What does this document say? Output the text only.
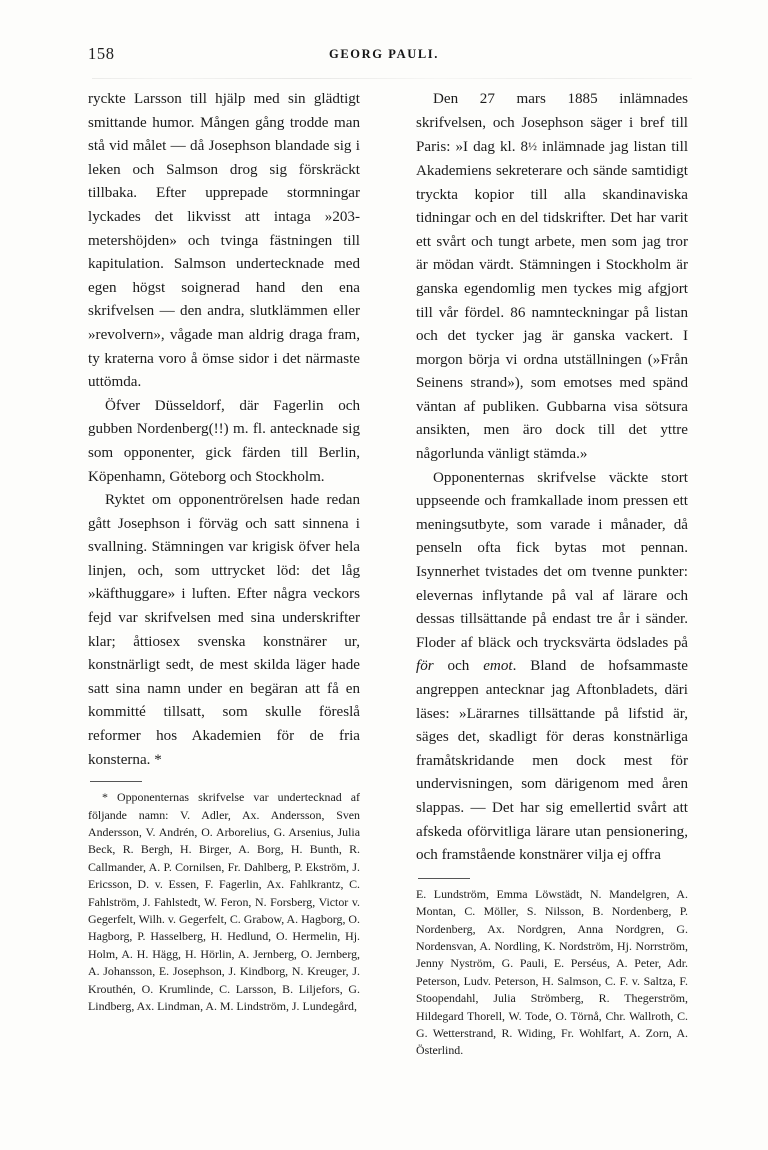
158	GEORG PAULI.

ryckte Larsson till hjälp med sin glädtigt smittande humor. Mången gång trodde man stå vid målet — då Josephson blandade sig i leken och Salmson drog sig förskräckt tillbaka. Efter upprepade stormningar lyckades det likvisst att intaga »203-metershöjden» och tvinga fästningen till kapitulation. Salmson undertecknade med egen högst soignerad hand den ena skrifvelsen — den andra, slutklämmen eller »revolvern», vågade man aldrig draga fram, ty kraterna voro å ömse sidor i det närmaste uttömda.

Öfver Düsseldorf, där Fagerlin och gubben Nordenberg(!!) m. fl. antecknade sig som opponenter, gick färden till Berlin, Köpenhamn, Göteborg och Stockholm.

Ryktet om opponentrörelsen hade redan gått Josephson i förväg och satt sinnena i svallning. Stämningen var krigisk öfver hela linjen, och, som uttrycket löd: det låg »käfthuggare» i luften. Efter några veckors fejd var skrifvelsen med sina underskrifter klar; åttiosex svenska konstnärer ur, konstnärligt sedt, de mest skilda läger hade satt sina namn under en begäran att få en kommitté tillsatt, som skulle föreslå reformer hos Akademien för de fria konsterna. *

* Opponenternas skrifvelse var undertecknad af följande namn: V. Adler, Ax. Andersson, Sven Andersson, V. Andrén, O. Arborelius, G. Arsenius, Julia Beck, R. Bergh, H. Birger, A. Borg, H. Bunth, R. Callmander, A. P. Cornilsen, Fr. Dahlberg, P. Ekström, J. Ericsson, D. v. Essen, F. Fagerlin, Ax. Fahlkrantz, C. Fahlström, J. Fahlstedt, W. Feron, N. Forsberg, Victor v. Gegerfelt, Wilh. v. Gegerfelt, C. Grabow, A. Hagborg, O. Hagborg, P. Hasselberg, H. Hedlund, O. Hermelin, Hj. Holm, A. H. Hägg, H. Hörlin, A. Jernberg, O. Jernberg, A. Johansson, E. Josephson, J. Kindborg, N. Kreuger, J. Krouthén, O. Krumlinde, C. Larsson, B. Liljefors, G. Lindberg, Ax. Lindman, A. M. Lindström, J. Lundegård,

Den 27 mars 1885 inlämnades skrifvelsen, och Josephson säger i bref till Paris: »I dag kl. 8½ inlämnade jag listan till Akademiens sekreterare och sände samtidigt tryckta kopior till alla skandinaviska tidningar och en del tidskrifter. Det har varit ett svårt och tungt arbete, men som jag tror är mödan värdt. Stämningen i Stockholm är ganska egendomlig men tyckes mig afgjort till vår fördel. 86 namnteckningar på listan och det tycker jag är ganska vackert. I morgon börja vi ordna utställningen (»Från Seinens strand»), som emotses med spänd väntan af publiken. Gubbarna visa sötsura ansikten, men äro dock till det yttre någorlunda vänligt stämda.»

Opponenternas skrifvelse väckte stort uppseende och framkallade inom pressen ett meningsutbyte, som varade i månader, då penseln ofta fick bytas mot pennan. Isynnerhet tvistades det om tvenne punkter: elevernas inflytande på val af lärare och dessas tillsättande på endast tre år i sänder. Floder af bläck och trycksvärta ödslades på för och emot. Bland de hofsammaste angreppen antecknar jag Aftonbladets, däri läses: »Lärarnes tillsättande på lifstid är, säges det, skadligt för deras konstnärliga framåtskridande men dock mest för undervisningen, som därigenom med åren slappas. — Det har sig emellertid svårt att afskeda oförvitliga lärare utan pensionering, och framstående konstnärer vilja ej offra

E. Lundström, Emma Löwstädt, N. Mandelgren, A. Montan, C. Möller, S. Nilsson, B. Nordenberg, P. Nordenberg, Ax. Nordgren, Anna Nordgren, G. Nordensvan, A. Nordling, K. Nordström, Hj. Norrström, Jenny Nyström, G. Pauli, E. Perséus, A. Peter, Adr. Peterson, Ludv. Peterson, H. Salmson, C. F. v. Saltza, F. Stoopendahl, Julia Strömberg, R. Thegerström, Hildegard Thorell, W. Tode, O. Törnå, Chr. Wallroth, C. G. Wetterstrand, R. Widing, Fr. Wohlfart, A. Zorn, A. Österlind.
